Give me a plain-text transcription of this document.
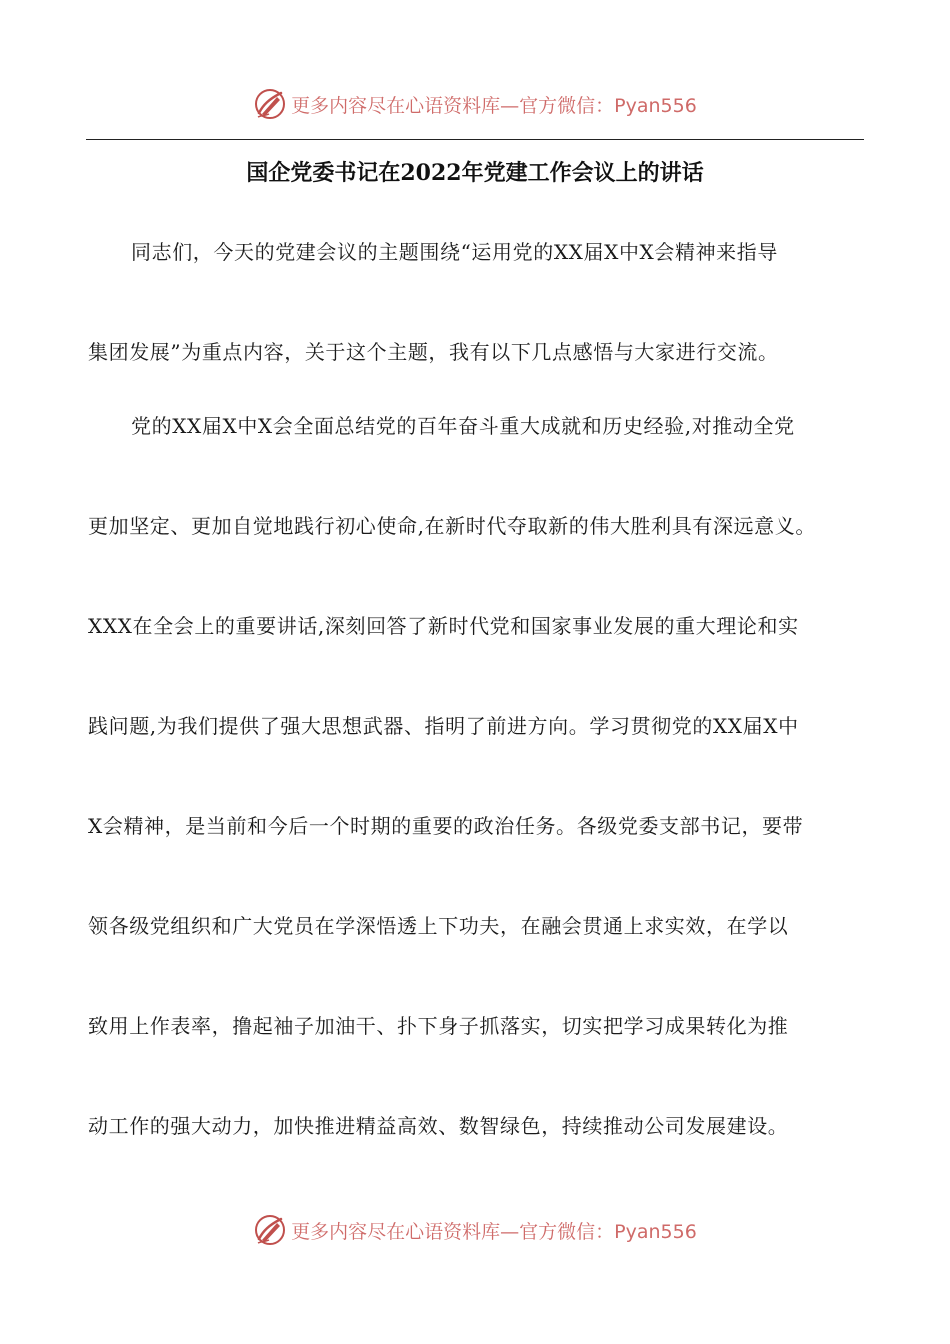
更多内容尽在心语资料库—官方微信：Pyan556
国企党委书记在2022年党建工作会议上的讲话
同志们，今天的党建会议的主题围绕“运用党的XX届X中X会精神来指导
集团发展”为重点内容，关于这个主题，我有以下几点感悟与大家进行交流。
党的XX届X中X会全面总结党的百年奋斗重大成就和历史经验,对推动全党
更加坚定、更加自觉地践行初心使命,在新时代夺取新的伟大胜利具有深远意义。
XXX在全会上的重要讲话,深刻回答了新时代党和国家事业发展的重大理论和实
践问题,为我们提供了强大思想武器、指明了前进方向。学习贯彻党的XX届X中
X会精神，是当前和今后一个时期的重要的政治任务。各级党委支部书记，要带
领各级党组织和广大党员在学深悟透上下功夫，在融会贯通上求实效，在学以
致用上作表率，撸起袖子加油干、扑下身子抓落实，切实把学习成果转化为推
动工作的强大动力，加快推进精益高效、数智绿色，持续推动公司发展建设。
更多内容尽在心语资料库—官方微信：Pyan556
